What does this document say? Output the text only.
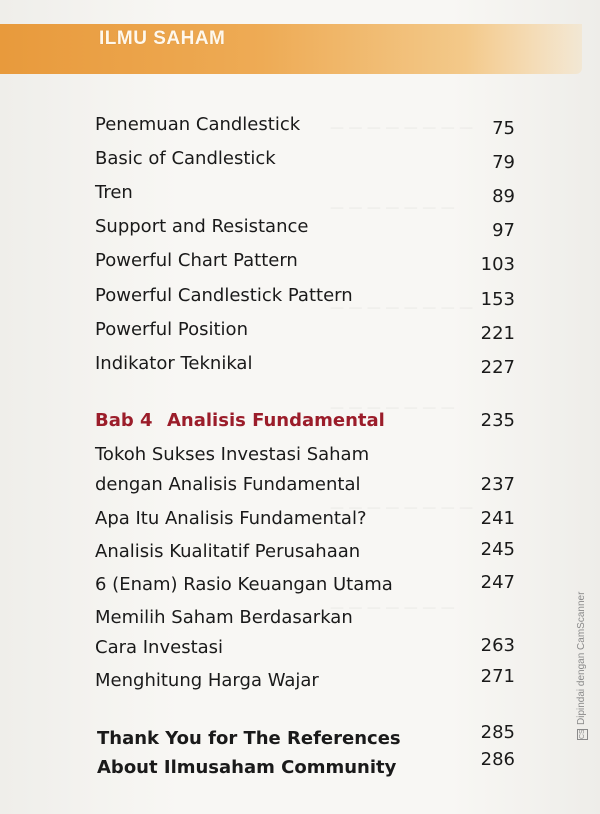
— — — — — — — —
— — — — — — —
— — — — — — — —
— — — — — — —
— — — — — — — —
— — — — — — —
ILMU SAHAM
Penemuan Candlestick	75
Basic of Candlestick	79
Tren	89
Support and Resistance	97
Powerful Chart Pattern	103
Powerful Candlestick Pattern	153
Powerful Position	221
Indikator Teknikal	227
Bab 4 Analisis Fundamental	235
Tokoh Sukses Investasi Saham
dengan Analisis Fundamental	237
Apa Itu Analisis Fundamental?	241
Analisis Kualitatif Perusahaan	245
6 (Enam) Rasio Keuangan Utama	247
Memilih Saham Berdasarkan
Cara Investasi	263
Menghitung Harga Wajar	271
Thank You for The References	285
About Ilmusaham Community	286
CSDipindai dengan CamScanner
